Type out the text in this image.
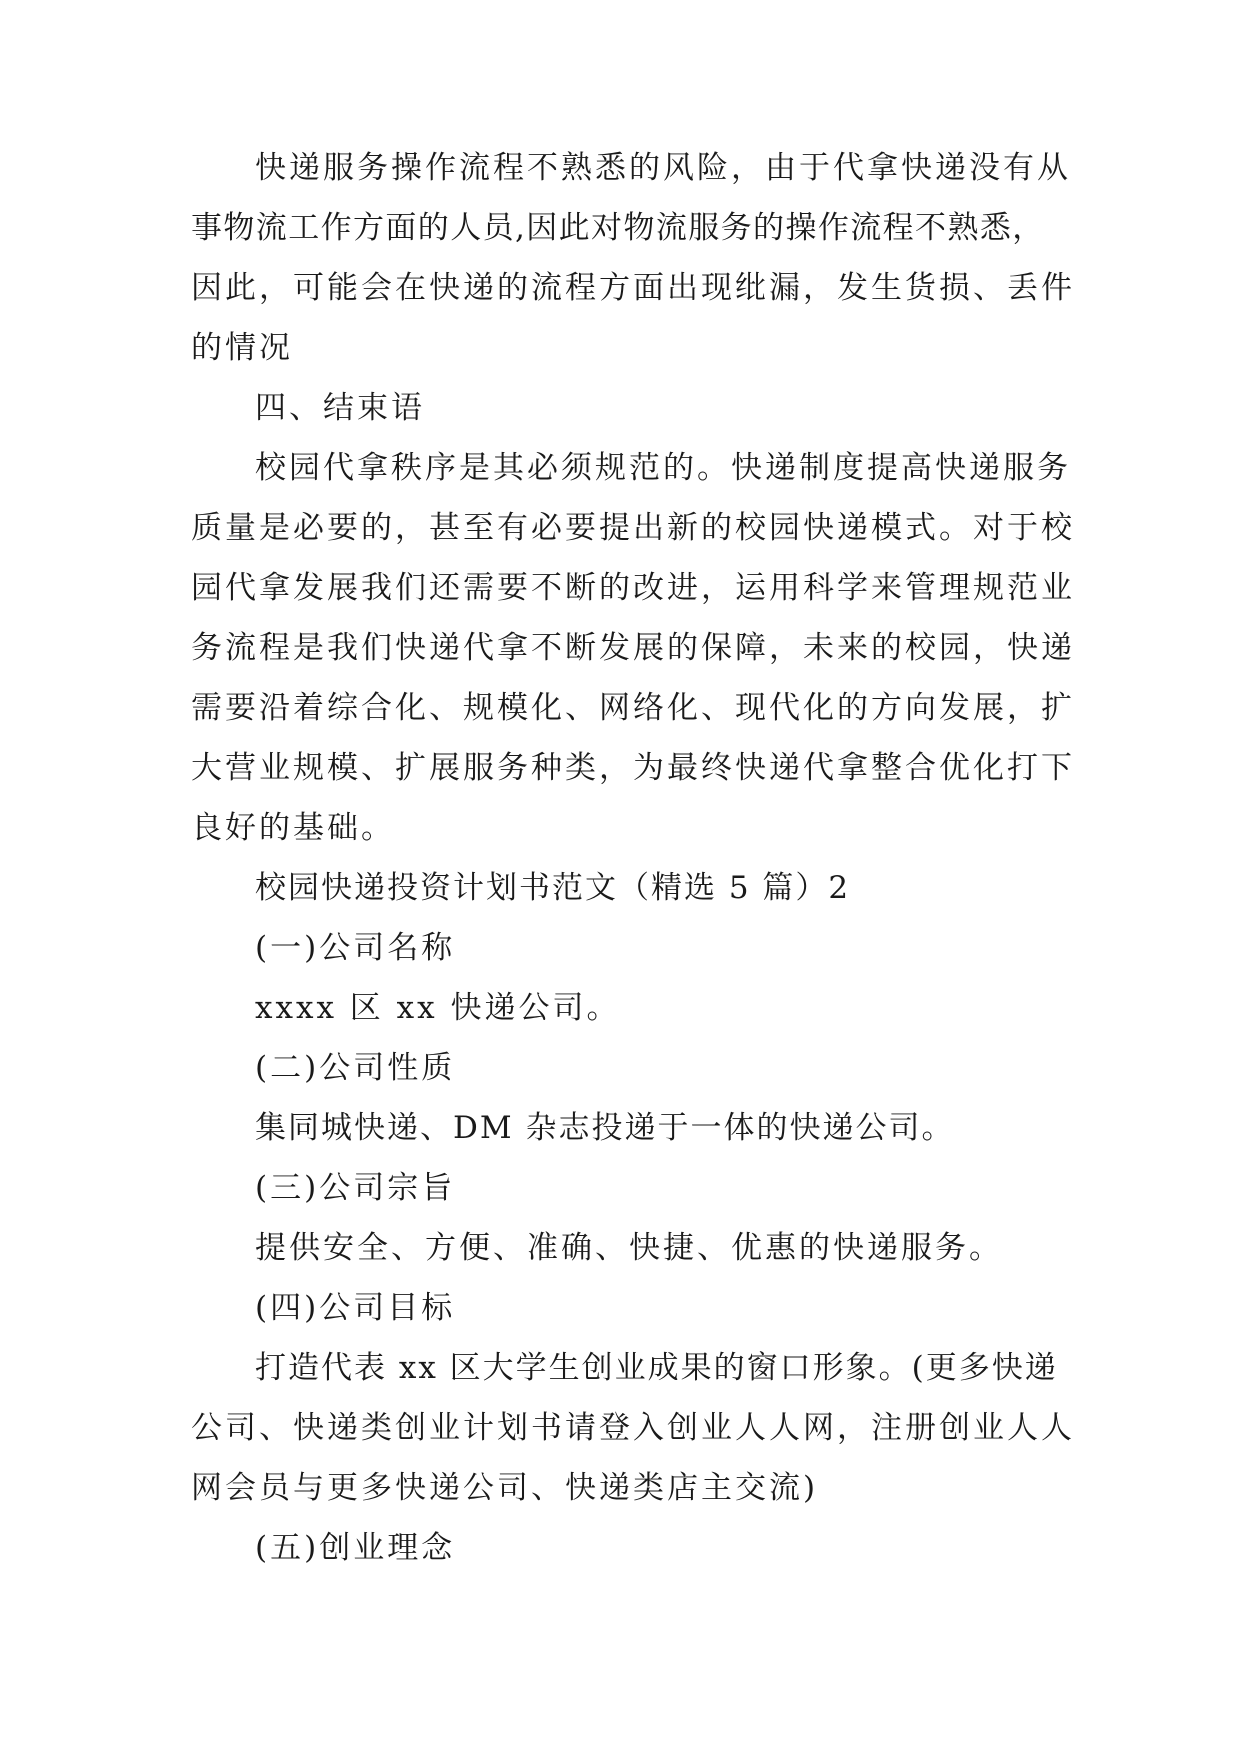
快递服务操作流程不熟悉的风险，由于代拿快递没有从
事物流工作方面的人员,因此对物流服务的操作流程不熟悉，
因此，可能会在快递的流程方面出现纰漏，发生货损、丢件
的情况
四、结束语
校园代拿秩序是其必须规范的。快递制度提高快递服务
质量是必要的，甚至有必要提出新的校园快递模式。对于校
园代拿发展我们还需要不断的改进，运用科学来管理规范业
务流程是我们快递代拿不断发展的保障，未来的校园，快递
需要沿着综合化、规模化、网络化、现代化的方向发展，扩
大营业规模、扩展服务种类，为最终快递代拿整合优化打下
良好的基础。
校园快递投资计划书范文（精选 5 篇）2
(一)公司名称
xxxx 区 xx 快递公司。
(二)公司性质
集同城快递、DM 杂志投递于一体的快递公司。
(三)公司宗旨
提供安全、方便、准确、快捷、优惠的快递服务。
(四)公司目标
打造代表 xx 区大学生创业成果的窗口形象。(更多快递
公司、快递类创业计划书请登入创业人人网，注册创业人人
网会员与更多快递公司、快递类店主交流)
(五)创业理念
